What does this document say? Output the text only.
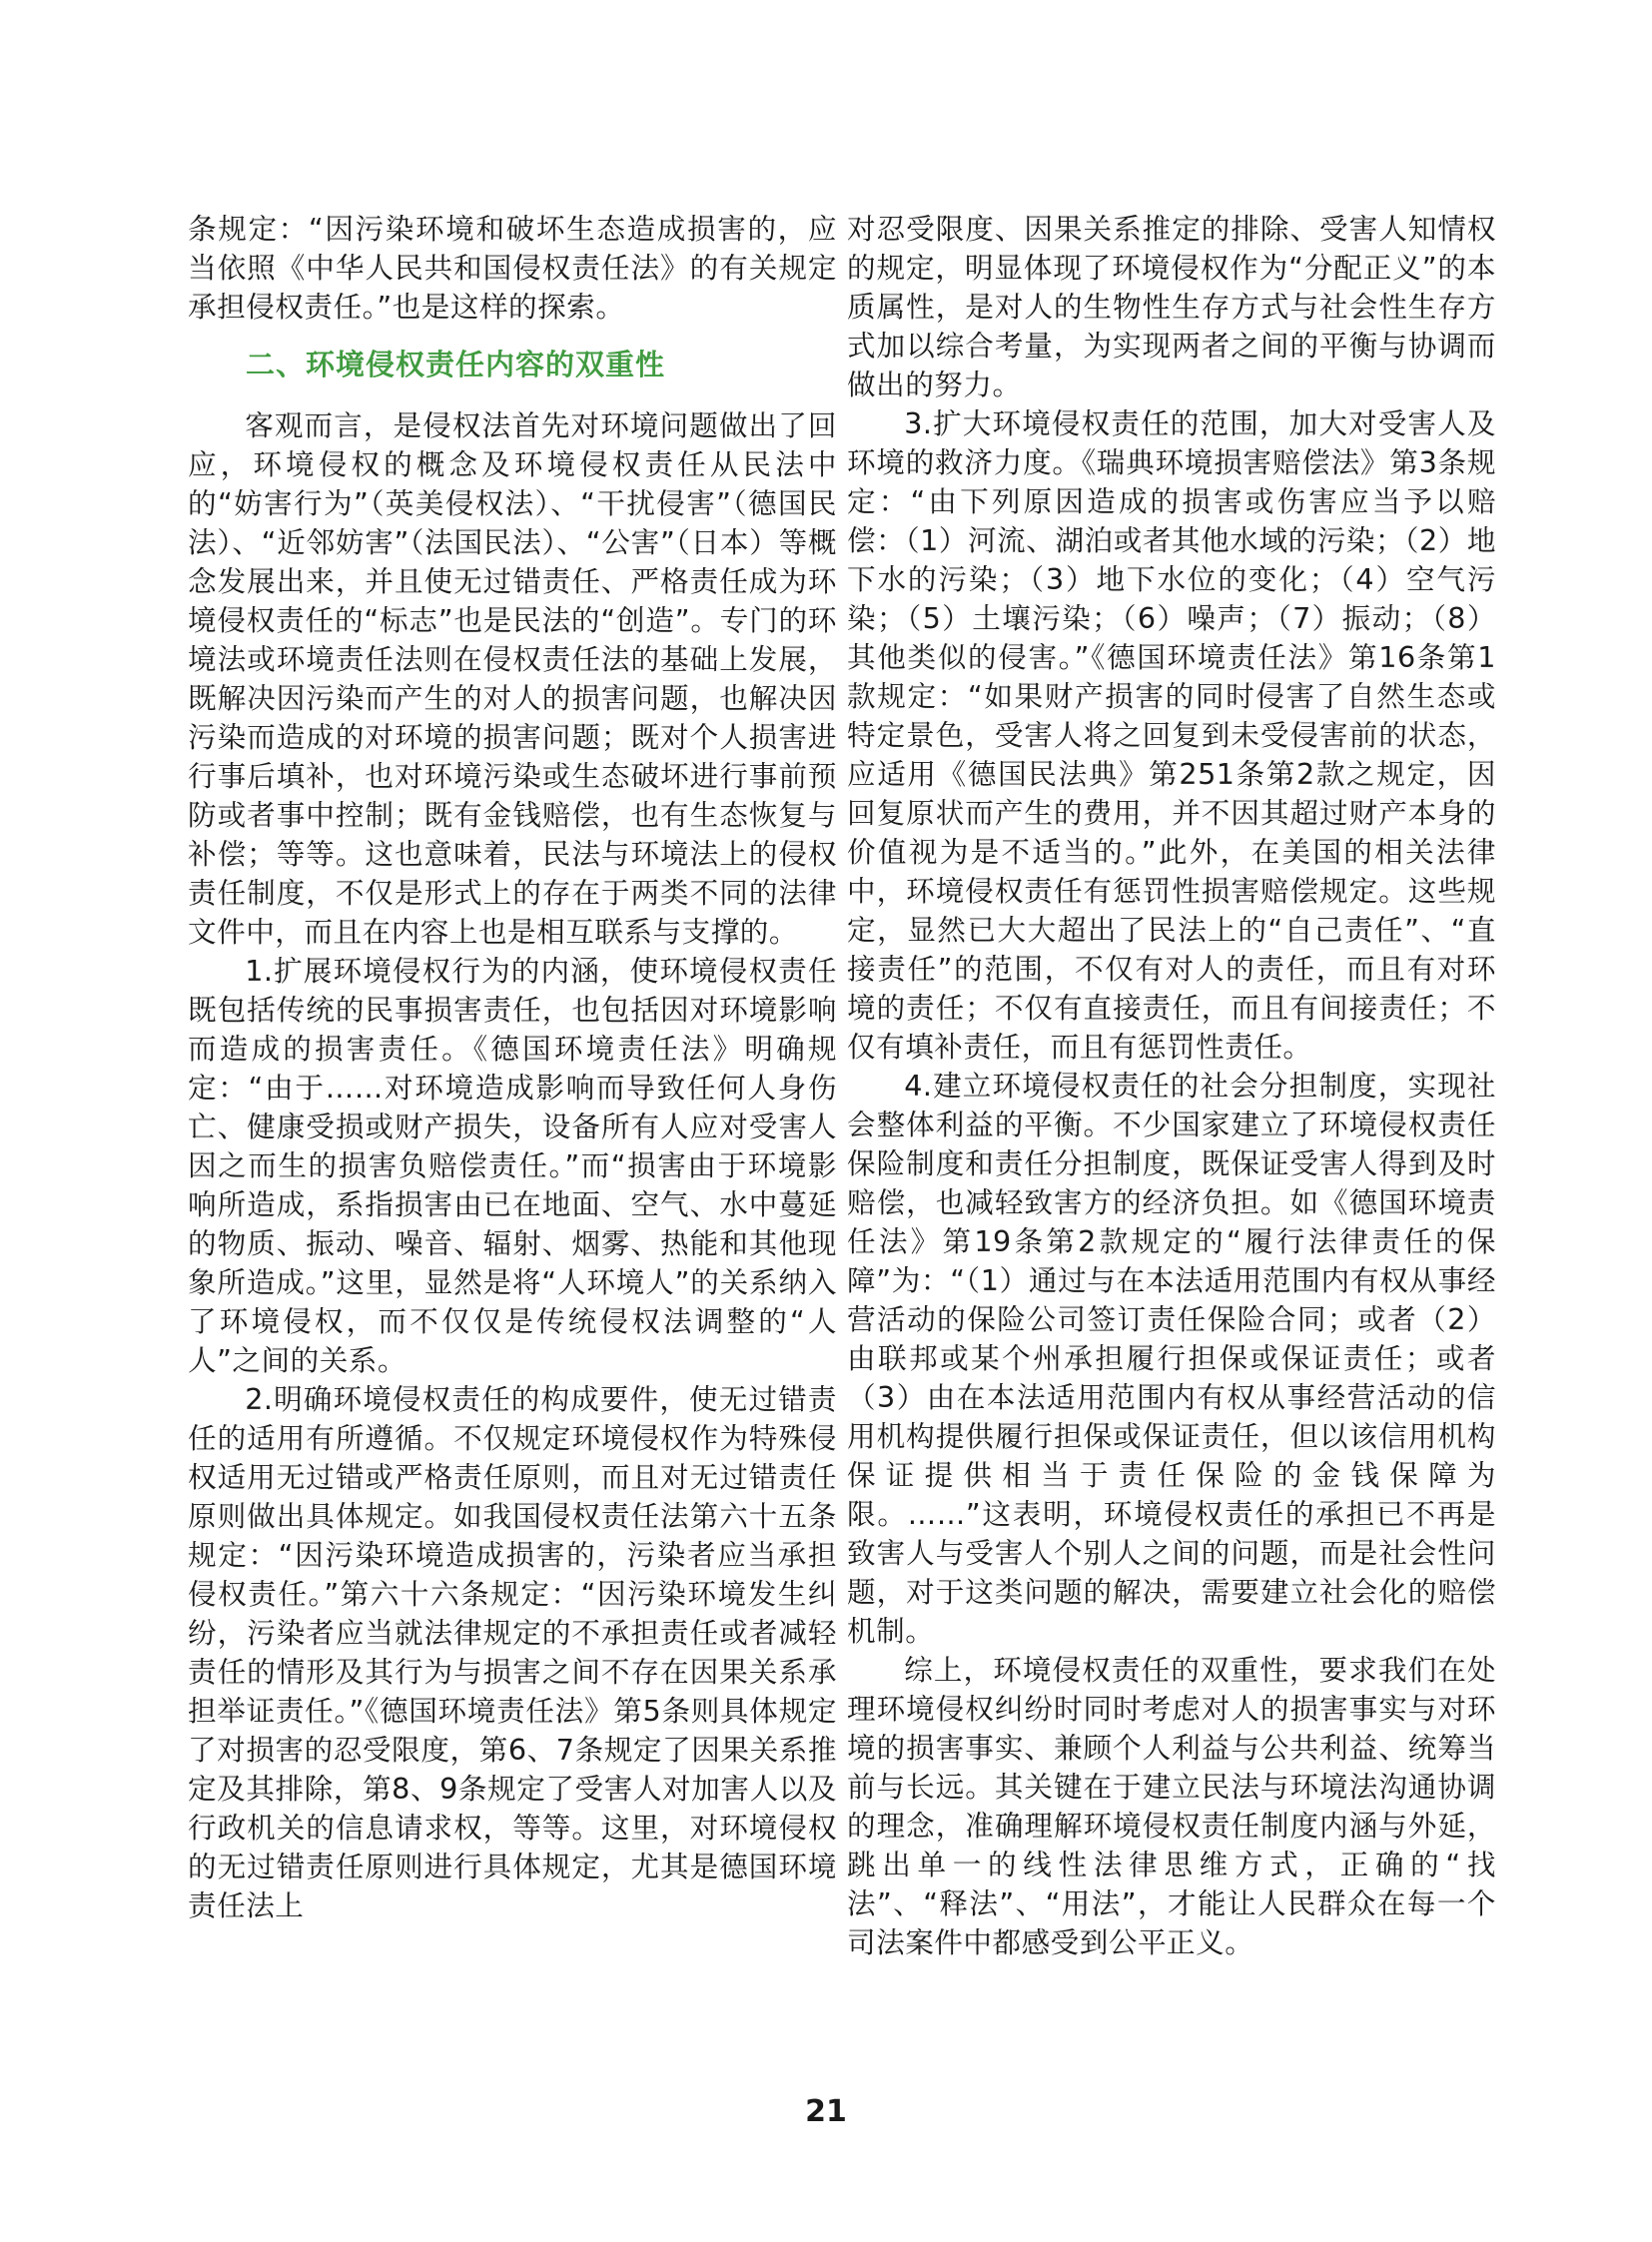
条规定：“因污染环境和破坏生态造成损害的，应当依照《中华人民共和国侵权责任法》的有关规定承担侵权责任。”也是这样的探索。

二、环境侵权责任内容的双重性

客观而言，是侵权法首先对环境问题做出了回应，环境侵权的概念及环境侵权责任从民法中的“妨害行为”（英美侵权法）、“干扰侵害”（德国民法）、“近邻妨害”（法国民法）、“公害”（日本）等概念发展出来，并且使无过错责任、严格责任成为环境侵权责任的“标志”也是民法的“创造”。专门的环境法或环境责任法则在侵权责任法的基础上发展，既解决因污染而产生的对人的损害问题，也解决因污染而造成的对环境的损害问题；既对个人损害进行事后填补，也对环境污染或生态破坏进行事前预防或者事中控制；既有金钱赔偿，也有生态恢复与补偿；等等。这也意味着，民法与环境法上的侵权责任制度，不仅是形式上的存在于两类不同的法律文件中，而且在内容上也是相互联系与支撑的。

1.扩展环境侵权行为的内涵，使环境侵权责任既包括传统的民事损害责任，也包括因对环境影响而造成的损害责任。《德国环境责任法》明确规定：“由于……对环境造成影响而导致任何人身伤亡、健康受损或财产损失，设备所有人应对受害人因之而生的损害负赔偿责任。”而“损害由于环境影响所造成，系指损害由已在地面、空气、水中蔓延的物质、振动、噪音、辐射、烟雾、热能和其他现象所造成。”这里，显然是将“人环境人”的关系纳入了环境侵权，而不仅仅是传统侵权法调整的“人人”之间的关系。

2.明确环境侵权责任的构成要件，使无过错责任的适用有所遵循。不仅规定环境侵权作为特殊侵权适用无过错或严格责任原则，而且对无过错责任原则做出具体规定。如我国侵权责任法第六十五条规定：“因污染环境造成损害的，污染者应当承担侵权责任。”第六十六条规定：“因污染环境发生纠纷，污染者应当就法律规定的不承担责任或者减轻责任的情形及其行为与损害之间不存在因果关系承担举证责任。”《德国环境责任法》第5条则具体规定了对损害的忍受限度，第6、7条规定了因果关系推定及其排除，第8、9条规定了受害人对加害人以及行政机关的信息请求权，等等。这里，对环境侵权的无过错责任原则进行具体规定，尤其是德国环境责任法上

对忍受限度、因果关系推定的排除、受害人知情权的规定，明显体现了环境侵权作为“分配正义”的本质属性，是对人的生物性生存方式与社会性生存方式加以综合考量，为实现两者之间的平衡与协调而做出的努力。

3.扩大环境侵权责任的范围，加大对受害人及环境的救济力度。《瑞典环境损害赔偿法》第3条规定：“由下列原因造成的损害或伤害应当予以赔偿：（1）河流、湖泊或者其他水域的污染；（2）地下水的污染；（3）地下水位的变化；（4）空气污染；（5）土壤污染；（6）噪声；（7）振动；（8）其他类似的侵害。”《德国环境责任法》第16条第1款规定：“如果财产损害的同时侵害了自然生态或特定景色，受害人将之回复到未受侵害前的状态，应适用《德国民法典》第251条第2款之规定，因回复原状而产生的费用，并不因其超过财产本身的价值视为是不适当的。”此外，在美国的相关法律中，环境侵权责任有惩罚性损害赔偿规定。这些规定，显然已大大超出了民法上的“自己责任”、“直接责任”的范围，不仅有对人的责任，而且有对环境的责任；不仅有直接责任，而且有间接责任；不仅有填补责任，而且有惩罚性责任。

4.建立环境侵权责任的社会分担制度，实现社会整体利益的平衡。不少国家建立了环境侵权责任保险制度和责任分担制度，既保证受害人得到及时赔偿，也减轻致害方的经济负担。如《德国环境责任法》第19条第2款规定的“履行法律责任的保障”为：“（1）通过与在本法适用范围内有权从事经营活动的保险公司签订责任保险合同；或者（2）由联邦或某个州承担履行担保或保证责任；或者（3）由在本法适用范围内有权从事经营活动的信用机构提供履行担保或保证责任，但以该信用机构保证提供相当于责任保险的金钱保障为限。……”这表明，环境侵权责任的承担已不再是致害人与受害人个别人之间的问题，而是社会性问题，对于这类问题的解决，需要建立社会化的赔偿机制。

综上，环境侵权责任的双重性，要求我们在处理环境侵权纠纷时同时考虑对人的损害事实与对环境的损害事实、兼顾个人利益与公共利益、统筹当前与长远。其关键在于建立民法与环境法沟通协调的理念，准确理解环境侵权责任制度内涵与外延，跳出单一的线性法律思维方式，正确的“找法”、“释法”、“用法”，才能让人民群众在每一个司法案件中都感受到公平正义。

21
